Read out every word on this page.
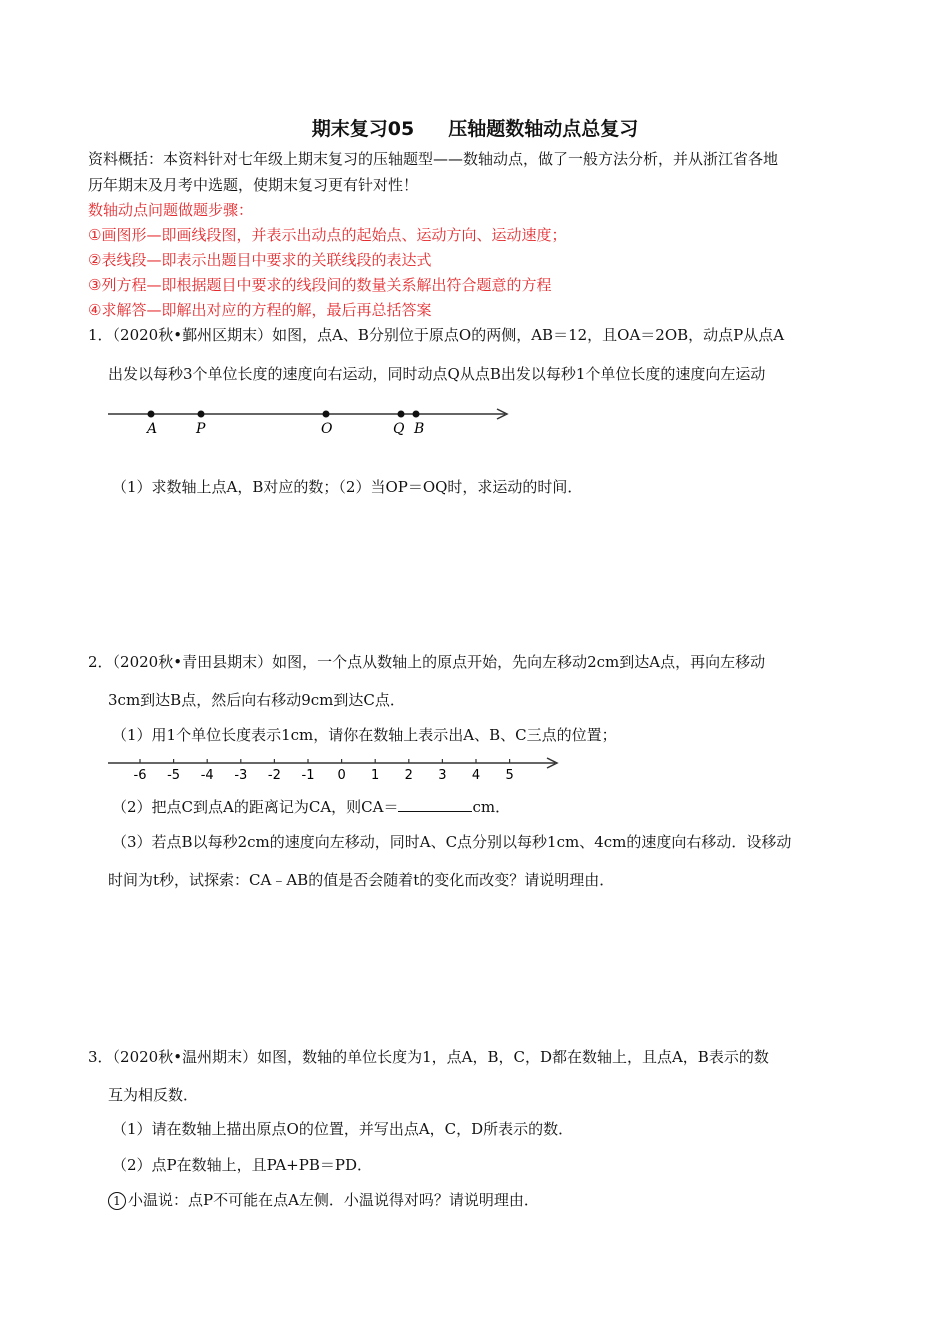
期末复习05 压轴题数轴动点总复习
资料概括：本资料针对七年级上期末复习的压轴题型——数轴动点，做了一般方法分析，并从浙江省各地
历年期末及月考中选题，使期末复习更有针对性！
数轴动点问题做题步骤：
①画图形—即画线段图，并表示出动点的起始点、运动方向、运动速度；
②表线段—即表示出题目中要求的关联线段的表达式
③列方程—即根据题目中要求的线段间的数量关系解出符合题意的方程
④求解答—即解出对应的方程的解，最后再总括答案
1．（2020秋•鄞州区期末）如图，点A、B分别位于原点O的两侧，AB＝12，且OA＝2OB，动点P从点A
出发以每秒3个单位长度的速度向右运动，同时动点Q从点B出发以每秒1个单位长度的速度向左运动
A	P	O	Q B
（1）求数轴上点A，B对应的数；（2）当OP＝OQ时，求运动的时间．
2．（2020秋•青田县期末）如图，一个点从数轴上的原点开始，先向左移动2cm到达A点，再向左移动
3cm到达B点，然后向右移动9cm到达C点．
（1）用1个单位长度表示1cm，请你在数轴上表示出A、B、C三点的位置；
-6 -5 -4 -3 -2 -1 0 1 2 3 4 5
（2）把点C到点A的距离记为CA，则CA＝	cm．
（3）若点B以每秒2cm的速度向左移动，同时A、C点分别以每秒1cm、4cm的速度向右移动．设移动
时间为t秒，试探索：CA﹣AB的值是否会随着t的变化而改变？请说明理由．
3．（2020秋•温州期末）如图，数轴的单位长度为1，点A，B，C，D都在数轴上，且点A，B表示的数
互为相反数．
（1）请在数轴上描出原点O的位置，并写出点A，C，D所表示的数．
（2）点P在数轴上，且PA+PB＝PD．
1 小温说：点P不可能在点A左侧．小温说得对吗？请说明理由．
